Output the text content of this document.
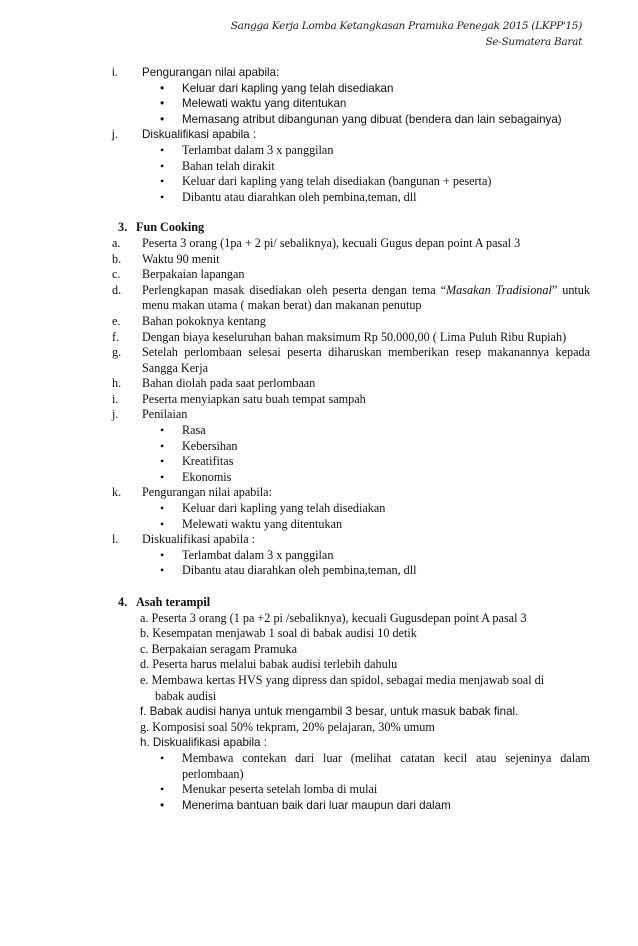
Sangga Kerja Lomba Ketangkasan Pramuka Penegak 2015 (LKPP'15)
Se-Sumatera Barat
i.	Pengurangan nilai apabila:
• Keluar dari kapling yang telah disediakan
• Melewati waktu yang ditentukan
• Memasang atribut dibangunan yang dibuat (bendera dan lain sebagainya)
j.	Diskualifikasi apabila :
• Terlambat dalam 3 x panggilan
• Bahan telah dirakit
• Keluar dari kapling yang telah disediakan (bangunan + peserta)
• Dibantu atau diarahkan oleh pembina,teman, dll
3. Fun Cooking
a.	Peserta 3 orang (1pa + 2 pi/ sebaliknya), kecuali Gugus depan point A pasal 3
b.	Waktu 90 menit
c.	Berpakaian lapangan
d.	Perlengkapan masak disediakan oleh peserta dengan tema “Masakan Tradisional” untuk menu makan utama ( makan berat) dan makanan penutup
e.	Bahan pokoknya kentang
f.	Dengan biaya keseluruhan bahan maksimum Rp 50.000,00 ( Lima Puluh Ribu Rupiah)
g.	Setelah perlombaan selesai peserta diharuskan memberikan resep makanannya kepada Sangga Kerja
h.	Bahan diolah pada saat perlombaan
i.	Peserta menyiapkan satu buah tempat sampah
j.	Penilaian
• Rasa
• Kebersihan
• Kreatifitas
• Ekonomis
k.	Pengurangan nilai apabila:
• Keluar dari kapling yang telah disediakan
• Melewati waktu yang ditentukan
l.	Diskualifikasi apabila :
• Terlambat dalam 3 x panggilan
• Dibantu atau diarahkan oleh pembina,teman, dll
4. Asah terampil
a. Peserta 3 orang (1 pa +2 pi /sebaliknya), kecuali Gugusdepan point A pasal 3
b. Kesempatan menjawab 1 soal di babak audisi 10 detik
c. Berpakaian seragam Pramuka
d. Peserta harus melalui babak audisi terlebih dahulu
e. Membawa kertas HVS yang dipress dan spidol, sebagai media menjawab soal di
babak audisi
f. Babak audisi hanya untuk mengambil 3 besar, untuk masuk babak final.
g. Komposisi soal 50% tekpram, 20% pelajaran, 30% umum
h. Diskualifikasi apabila :
• Membawa contekan dari luar (melihat catatan kecil atau sejeninya dalam perlombaan)
• Menukar peserta setelah lomba di mulai
• Menerima bantuan baik dari luar maupun dari dalam
